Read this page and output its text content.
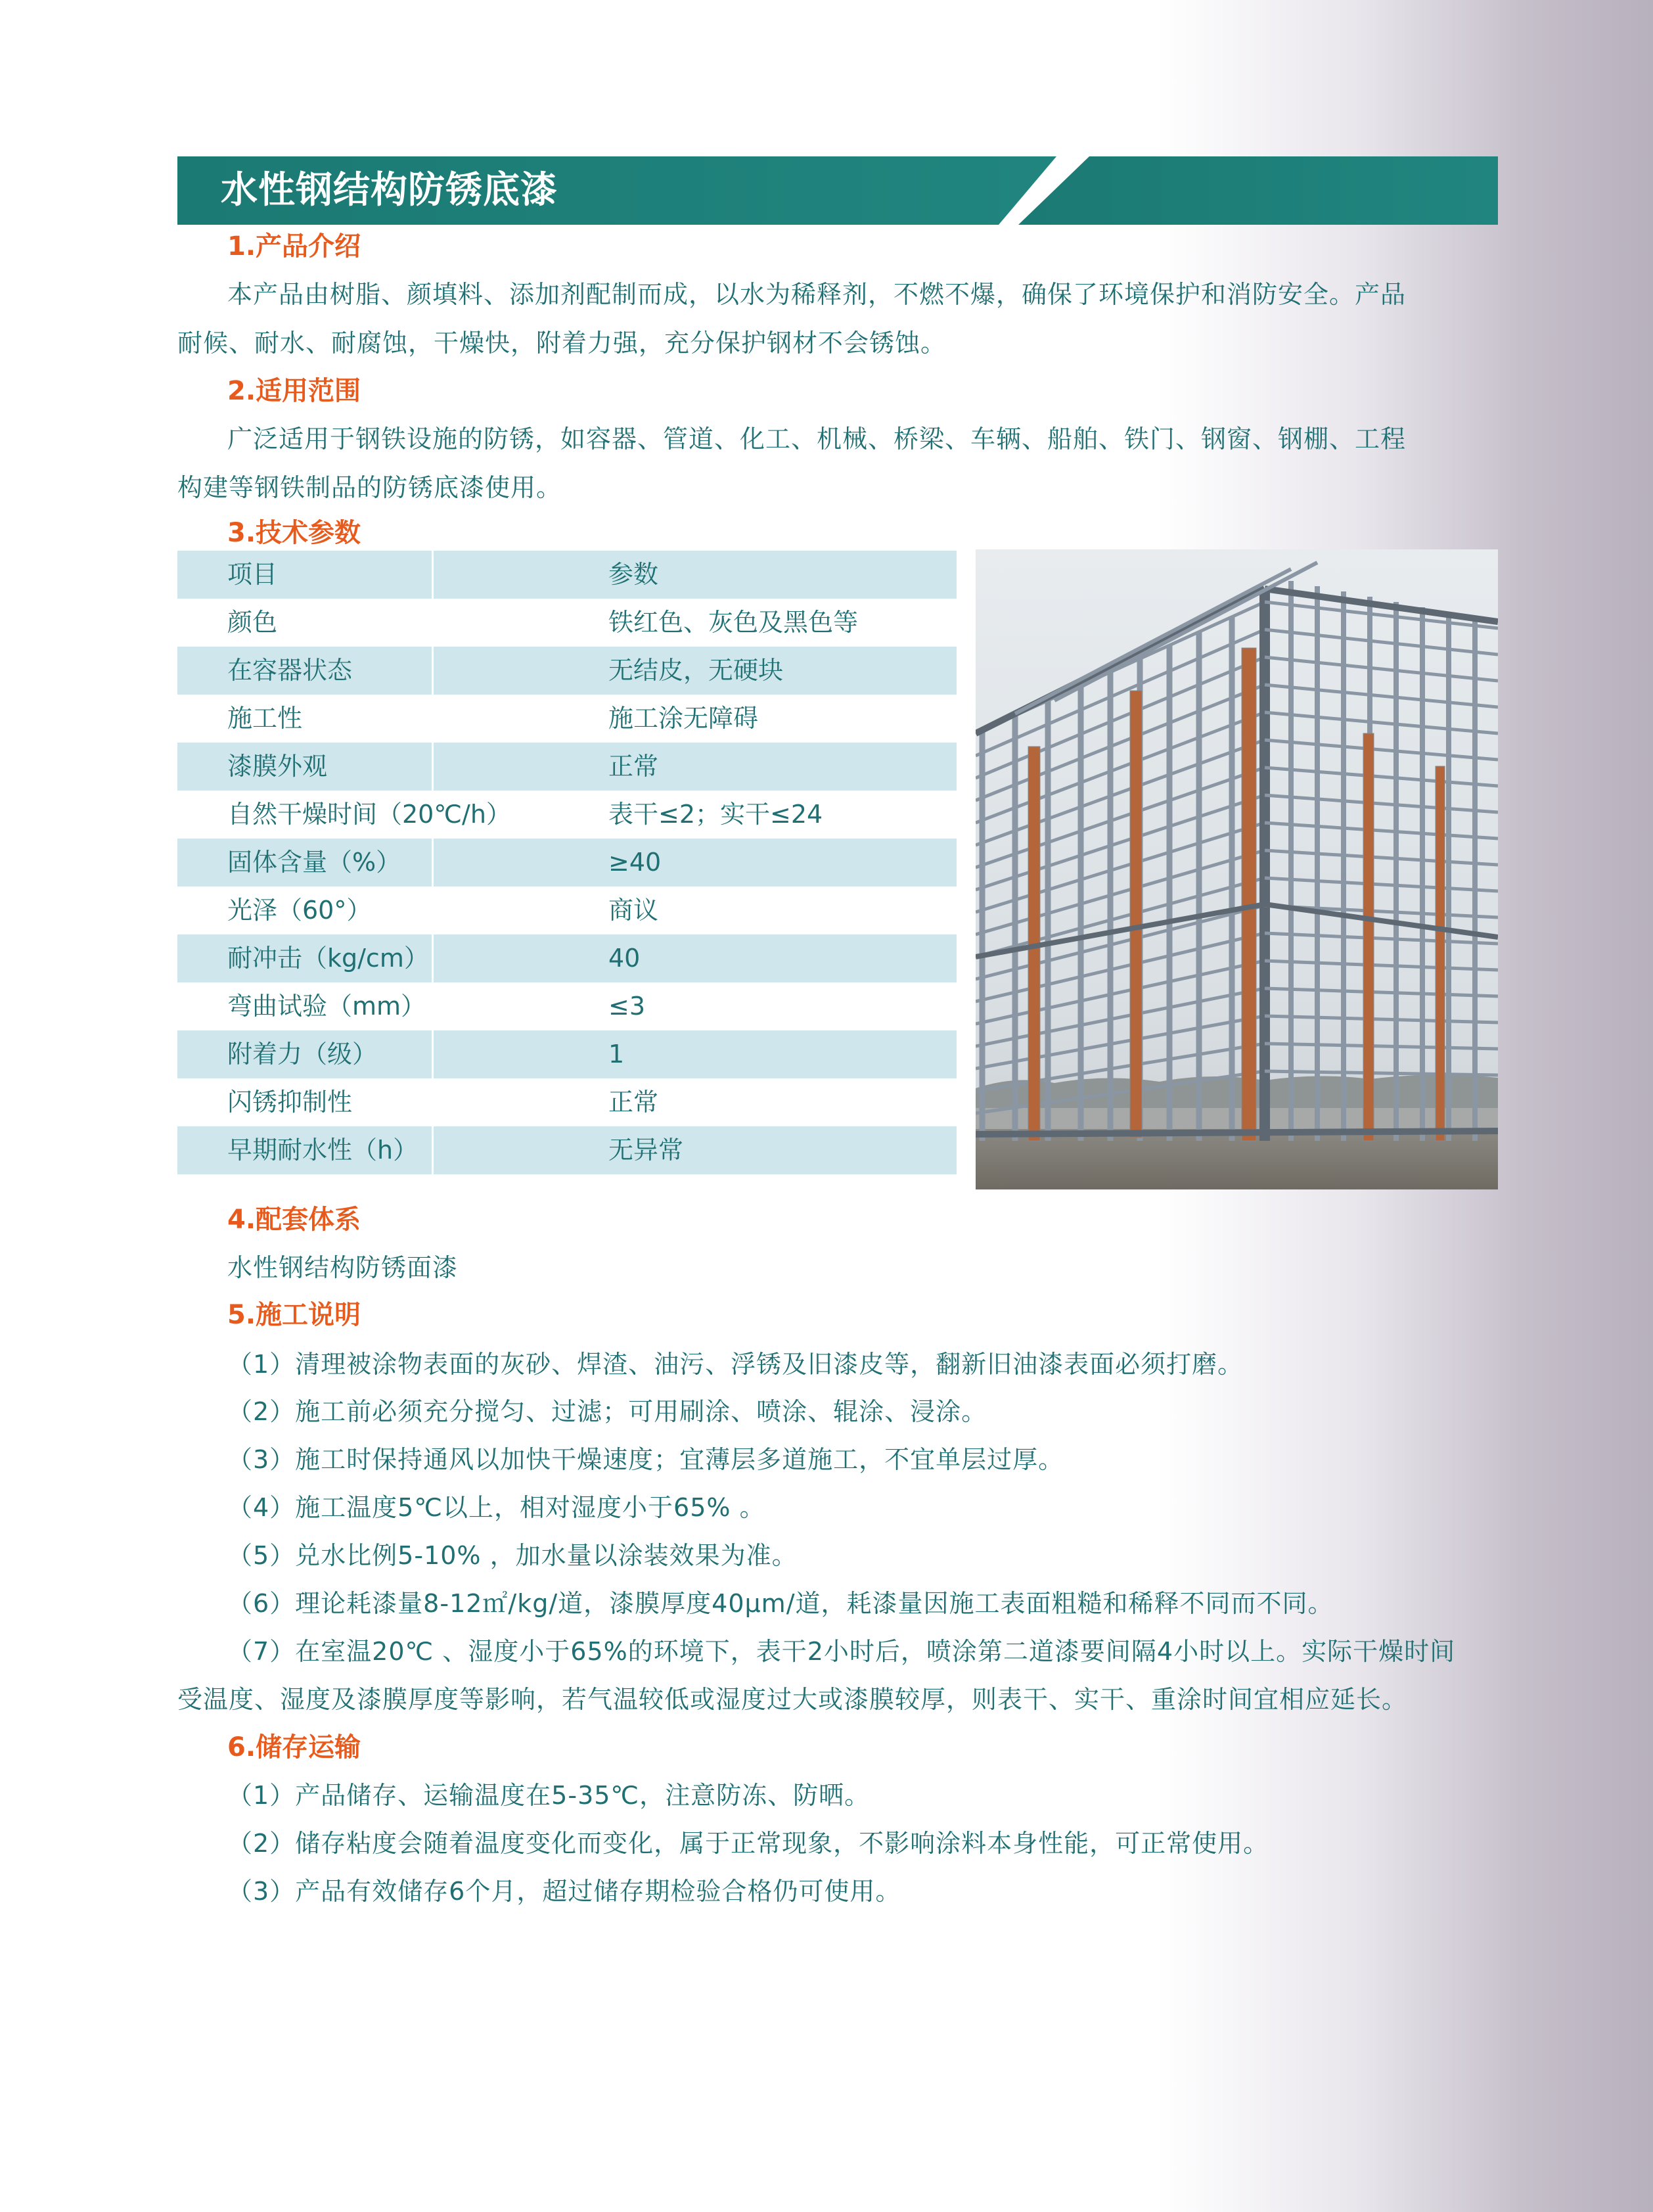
水性钢结构防锈底漆
1.产品介绍
本产品由树脂、颜填料、添加剂配制而成，以水为稀释剂，不燃不爆，确保了环境保护和消防安全。产品
耐候、耐水、耐腐蚀，干燥快，附着力强，充分保护钢材不会锈蚀。
2.适用范围
广泛适用于钢铁设施的防锈，如容器、管道、化工、机械、桥梁、车辆、船舶、铁门、钢窗、钢棚、工程
构建等钢铁制品的防锈底漆使用。
3.技术参数
项目	参数
颜色	铁红色、灰色及黑色等
在容器状态	无结皮，无硬块
施工性	施工涂无障碍
漆膜外观	正常
自然干燥时间（20℃/h）	表干≤2；实干≤24
固体含量（%）	≥40
光泽（60°）	商议
耐冲击（kg/cm）	40
弯曲试验（mm）	≤3
附着力（级）	1
闪锈抑制性	正常
早期耐水性（h）	无异常
4.配套体系
水性钢结构防锈面漆
5.施工说明
（1）清理被涂物表面的灰砂、焊渣、油污、浮锈及旧漆皮等，翻新旧油漆表面必须打磨。
（2）施工前必须充分搅匀、过滤；可用刷涂、喷涂、辊涂、浸涂。
（3）施工时保持通风以加快干燥速度；宜薄层多道施工，不宜单层过厚。
（4）施工温度5℃以上，相对湿度小于65% 。
（5）兑水比例5-10% ，加水量以涂装效果为准。
（6）理论耗漆量8-12㎡/kg/道，漆膜厚度40μm/道，耗漆量因施工表面粗糙和稀释不同而不同。
（7）在室温20℃ 、湿度小于65%的环境下，表干2小时后，喷涂第二道漆要间隔4小时以上。实际干燥时间
受温度、湿度及漆膜厚度等影响，若气温较低或湿度过大或漆膜较厚，则表干、实干、重涂时间宜相应延长。
6.储存运输
（1）产品储存、运输温度在5-35℃，注意防冻、防晒。
（2）储存粘度会随着温度变化而变化，属于正常现象，不影响涂料本身性能，可正常使用。
（3）产品有效储存6个月，超过储存期检验合格仍可使用。
